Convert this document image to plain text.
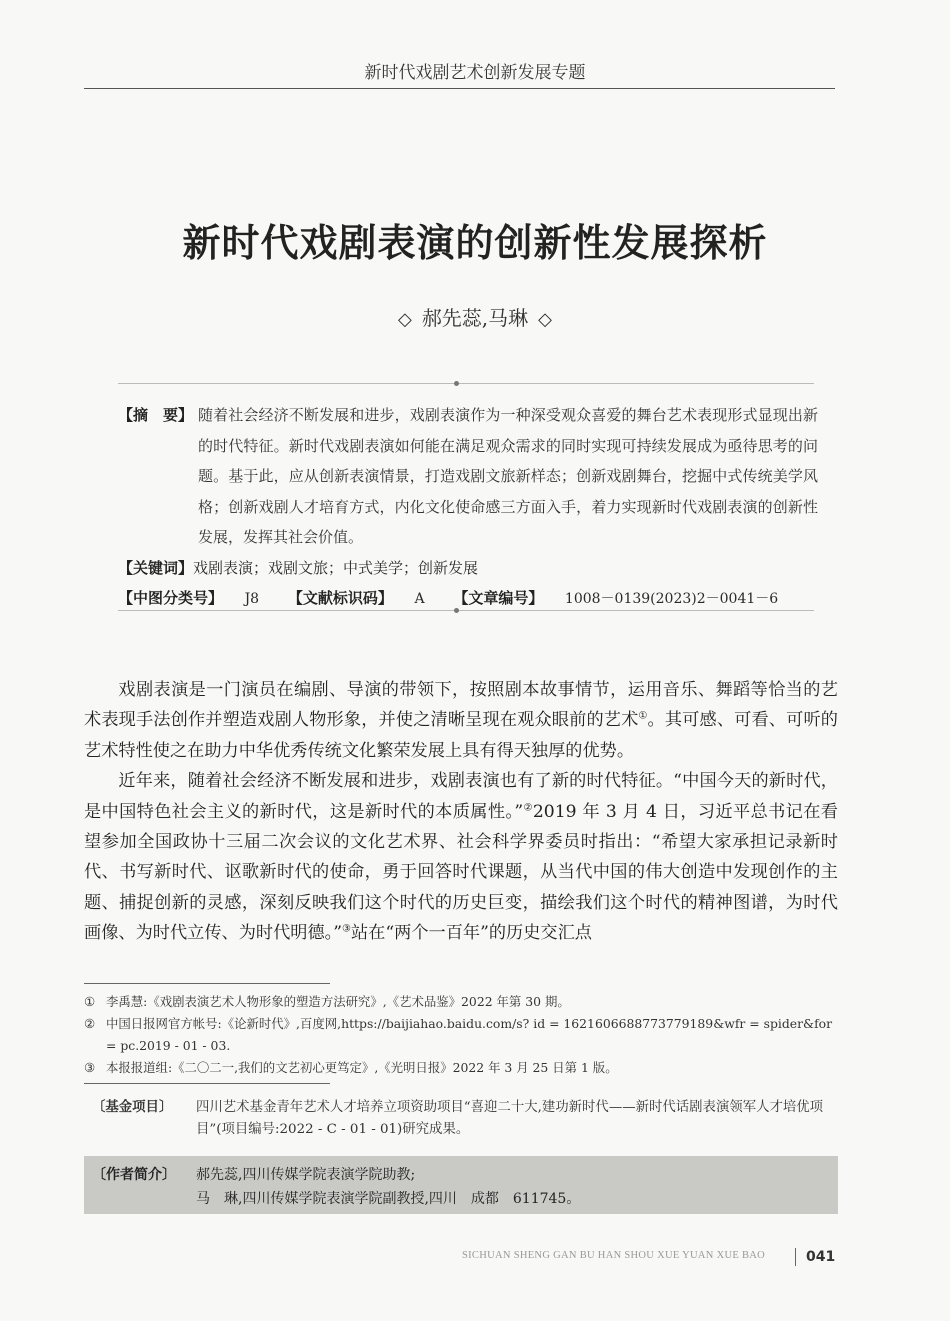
新时代戏剧艺术创新发展专题
新时代戏剧表演的创新性发展探析
◇ 郝先蕊,马琳 ◇
【摘　要】 随着社会经济不断发展和进步，戏剧表演作为一种深受观众喜爱的舞台艺术表现形式显现出新的时代特征。新时代戏剧表演如何能在满足观众需求的同时实现可持续发展成为亟待思考的问题。基于此，应从创新表演情景，打造戏剧文旅新样态；创新戏剧舞台，挖掘中式传统美学风格；创新戏剧人才培育方式，内化文化使命感三方面入手，着力实现新时代戏剧表演的创新性发展，发挥其社会价值。
【关键词】戏剧表演；戏剧文旅；中式美学；创新发展
【中图分类号】 J8 【文献标识码】 A 【文章编号】 1008－0139(2023)2－0041－6

戏剧表演是一门演员在编剧、导演的带领下，按照剧本故事情节，运用音乐、舞蹈等恰当的艺术表现手法创作并塑造戏剧人物形象，并使之清晰呈现在观众眼前的艺术①。其可感、可看、可听的艺术特性使之在助力中华优秀传统文化繁荣发展上具有得天独厚的优势。

近年来，随着社会经济不断发展和进步，戏剧表演也有了新的时代特征。“中国今天的新时代，是中国特色社会主义的新时代，这是新时代的本质属性。”②2019 年 3 月 4 日，习近平总书记在看望参加全国政协十三届二次会议的文化艺术界、社会科学界委员时指出：“希望大家承担记录新时代、书写新时代、讴歌新时代的使命，勇于回答时代课题，从当代中国的伟大创造中发现创作的主题、捕捉创新的灵感，深刻反映我们这个时代的历史巨变，描绘我们这个时代的精神图谱，为时代画像、为时代立传、为时代明德。”③站在“两个一百年”的历史交汇点

① 李禹慧:《戏剧表演艺术人物形象的塑造方法研究》,《艺术品鉴》2022 年第 30 期。
② 中国日报网官方帐号:《论新时代》,百度网,https://baijiahao.baidu.com/s? id = 1621606688773779189&wfr = spider&for = pc.2019 - 01 - 03.
③ 本报报道组:《二〇二一,我们的文艺初心更笃定》,《光明日报》2022 年 3 月 25 日第 1 版。
〔基金项目〕	四川艺术基金青年艺术人才培养立项资助项目“喜迎二十大,建功新时代——新时代话剧表演领军人才培优项目”(项目编号:2022 - C - 01 - 01)研究成果。
〔作者简介〕 郝先蕊,四川传媒学院表演学院助教;
马　琳,四川传媒学院表演学院副教授,四川　成都　611745。
SICHUAN SHENG GAN BU HAN SHOU XUE YUAN XUE BAO	041
